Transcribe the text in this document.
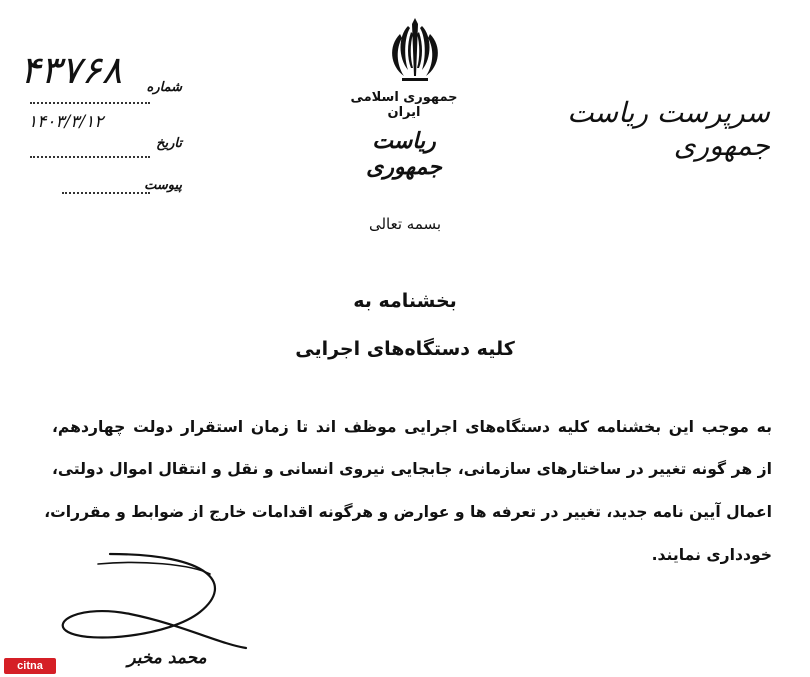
جمهوری اسلامی ایران
ریاست جمهوری
سرپرست ریاست جمهوری
۴۳۷۶۸	شماره
۱۴۰۳/۳/۱۲
تاریخ
پیوست
بسمه تعالی
بخشنامه به
کلیه دستگاه‌های اجرایی
به موجب این بخشنامه کلیه دستگاه‌های اجرایی موظف اند تا زمان استقرار دولت چهاردهم،
از هر گونه تغییر در ساختارهای سازمانی، جابجایی نیروی انسانی و نقل و انتقال اموال دولتی،
اعمال آیین نامه جدید، تغییر در تعرفه ها و عوارض و هرگونه اقدامات خارج از ضوابط و مقررات،
خودداری نمایند.
محمد مخبر
citna
